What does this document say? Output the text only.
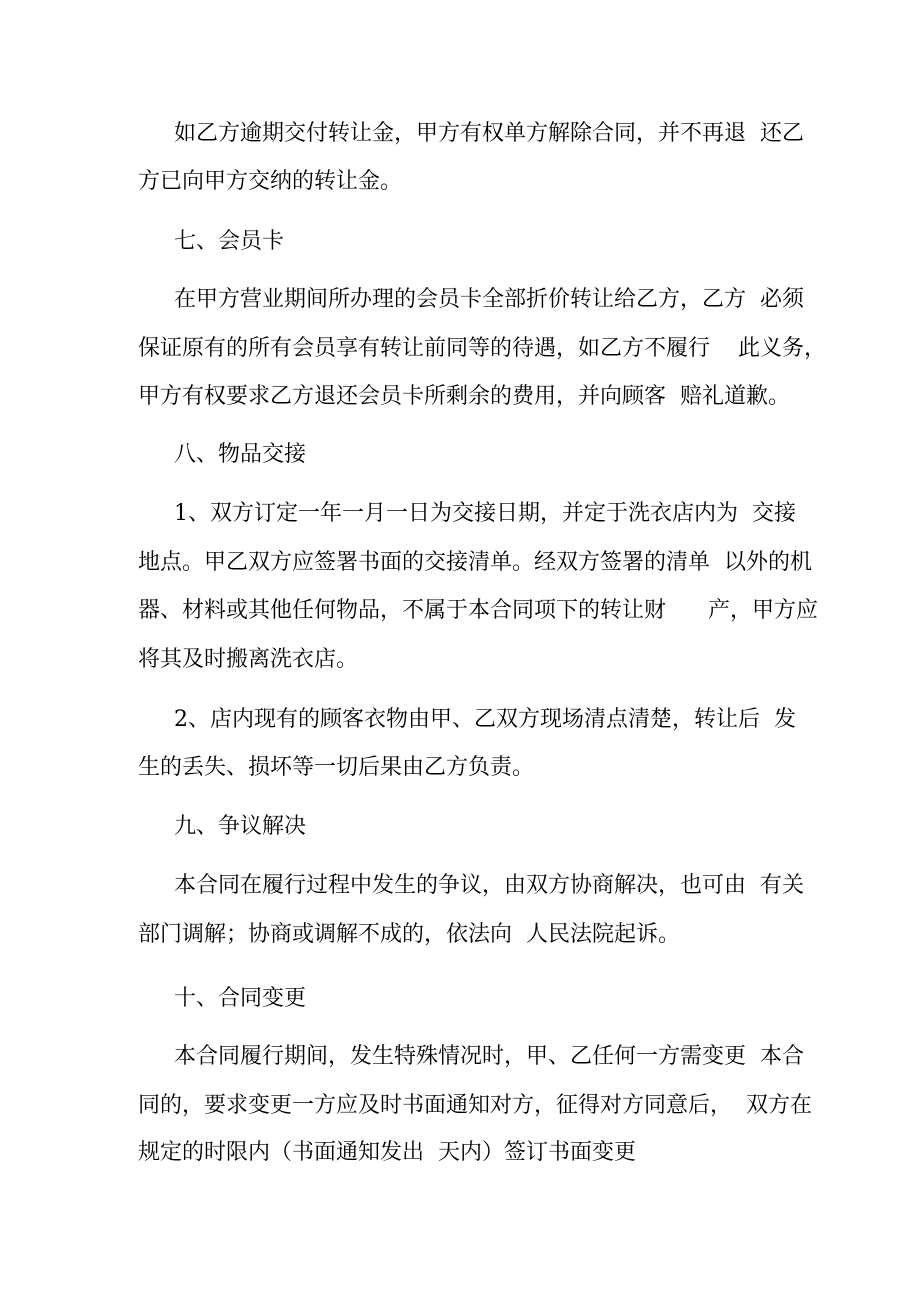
如乙方逾期交付转让金，甲方有权单方解除合同，并不再退  还乙

方已向甲方交纳的转让金。

七、会员卡

在甲方营业期间所办理的会员卡全部折价转让给乙方，乙方  必须

保证原有的所有会员享有转让前同等的待遇，如乙方不履行    此义务，

甲方有权要求乙方退还会员卡所剩余的费用，并向顾客  赔礼道歉。

八、物品交接

1、双方订定一年一月一日为交接日期，并定于洗衣店内为  交接

地点。甲乙双方应签署书面的交接清单。经双方签署的清单  以外的机

器、材料或其他任何物品，不属于本合同项下的转让财      产，甲方应

将其及时搬离洗衣店。

2、店内现有的顾客衣物由甲、乙双方现场清点清楚，转让后  发

生的丢失、损坏等一切后果由乙方负责。

九、争议解决

本合同在履行过程中发生的争议，由双方协商解决，也可由  有关

部门调解；协商或调解不成的，依法向  人民法院起诉。

十、合同变更

本合同履行期间，发生特殊情况时，甲、乙任何一方需变更  本合

同的，要求变更一方应及时书面通知对方，征得对方同意后，  双方在

规定的时限内（书面通知发出  天内）签订书面变更
